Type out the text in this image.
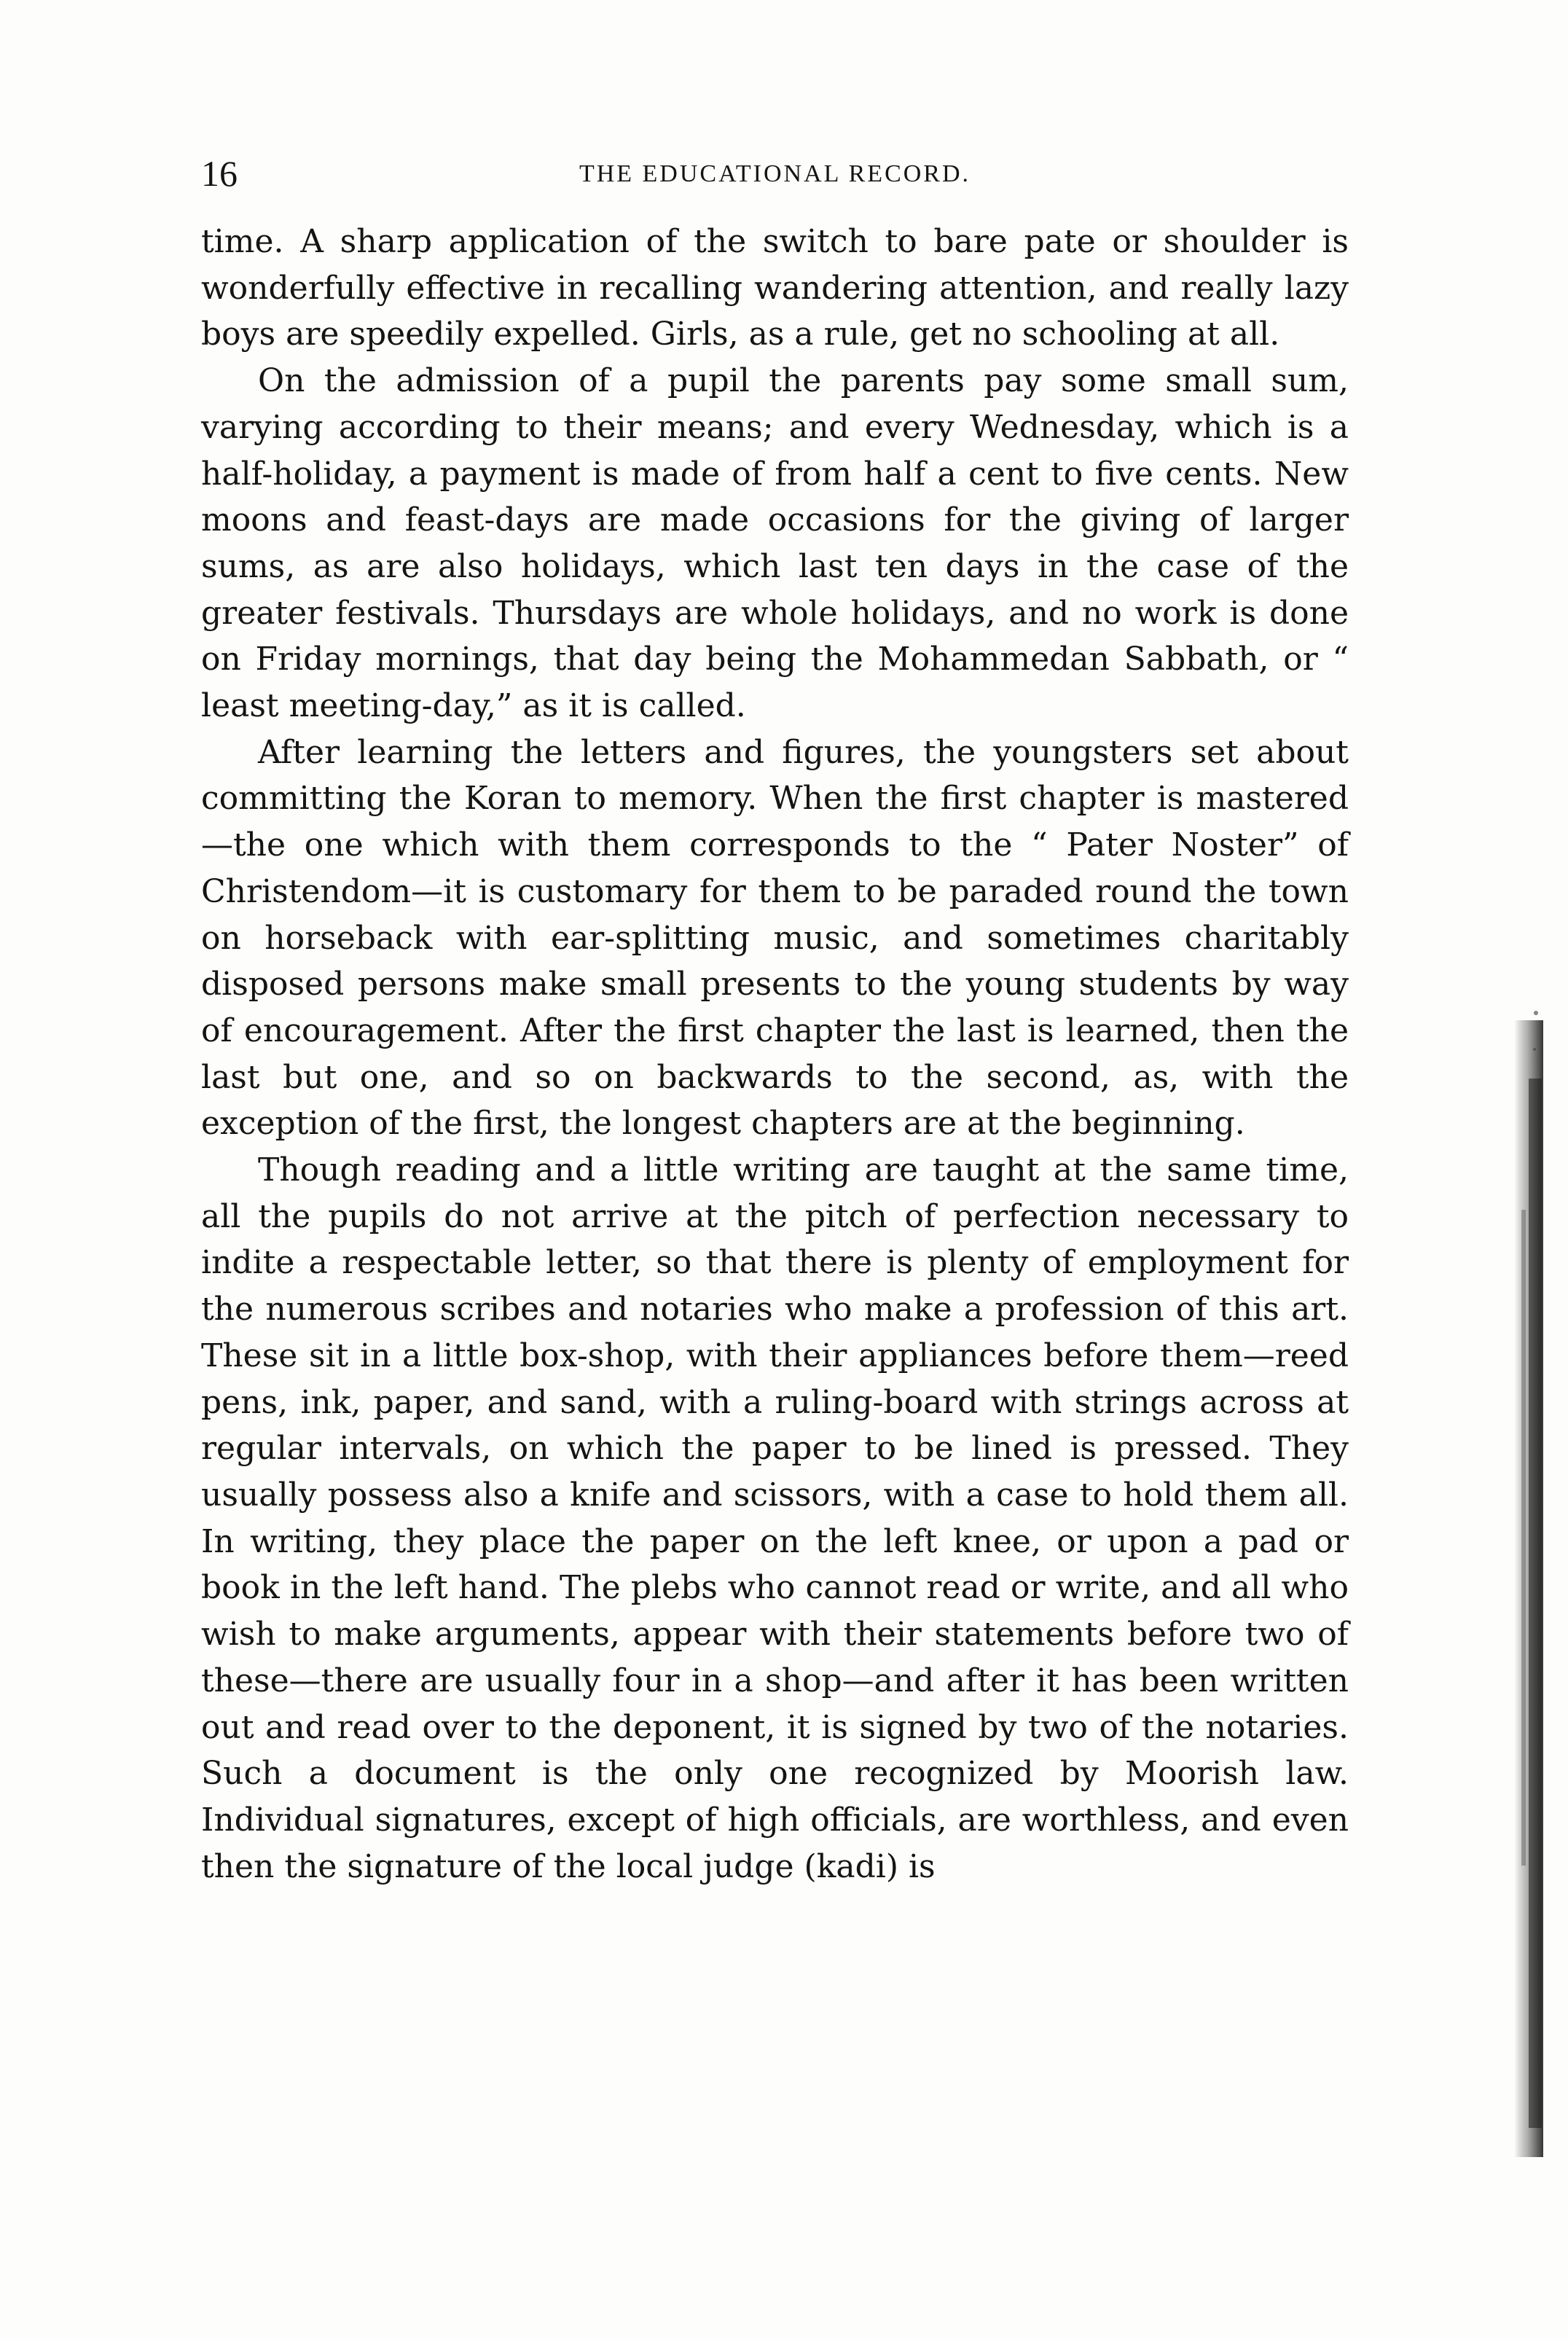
16	THE EDUCATIONAL RECORD.

time. A sharp application of the switch to bare pate or shoulder is wonderfully effective in recalling wandering attention, and really lazy boys are speedily expelled. Girls, as a rule, get no schooling at all.

On the admission of a pupil the parents pay some small sum, varying according to their means; and every Wednesday, which is a half-holiday, a payment is made of from half a cent to five cents. New moons and feast-days are made occasions for the giving of larger sums, as are also holidays, which last ten days in the case of the greater festivals. Thursdays are whole holidays, and no work is done on Friday mornings, that day being the Mohammedan Sabbath, or “ least meeting-day,” as it is called.

After learning the letters and figures, the youngsters set about committing the Koran to memory. When the first chapter is mastered—the one which with them corresponds to the “ Pater Noster” of Christendom—it is customary for them to be paraded round the town on horseback with ear-splitting music, and sometimes charitably disposed persons make small presents to the young students by way of encouragement. After the first chapter the last is learned, then the last but one, and so on backwards to the second, as, with the exception of the first, the longest chapters are at the beginning.

Though reading and a little writing are taught at the same time, all the pupils do not arrive at the pitch of perfection necessary to indite a respectable letter, so that there is plenty of employment for the numerous scribes and notaries who make a profession of this art. These sit in a little box-shop, with their appliances before them—reed pens, ink, paper, and sand, with a ruling-board with strings across at regular intervals, on which the paper to be lined is pressed. They usually possess also a knife and scissors, with a case to hold them all. In writing, they place the paper on the left knee, or upon a pad or book in the left hand. The plebs who cannot read or write, and all who wish to make arguments, appear with their statements before two of these—there are usually four in a shop—and after it has been written out and read over to the deponent, it is signed by two of the notaries. Such a document is the only one recognized by Moorish law. Individual signatures, except of high officials, are worthless, and even then the signature of the local judge (kadi) is
